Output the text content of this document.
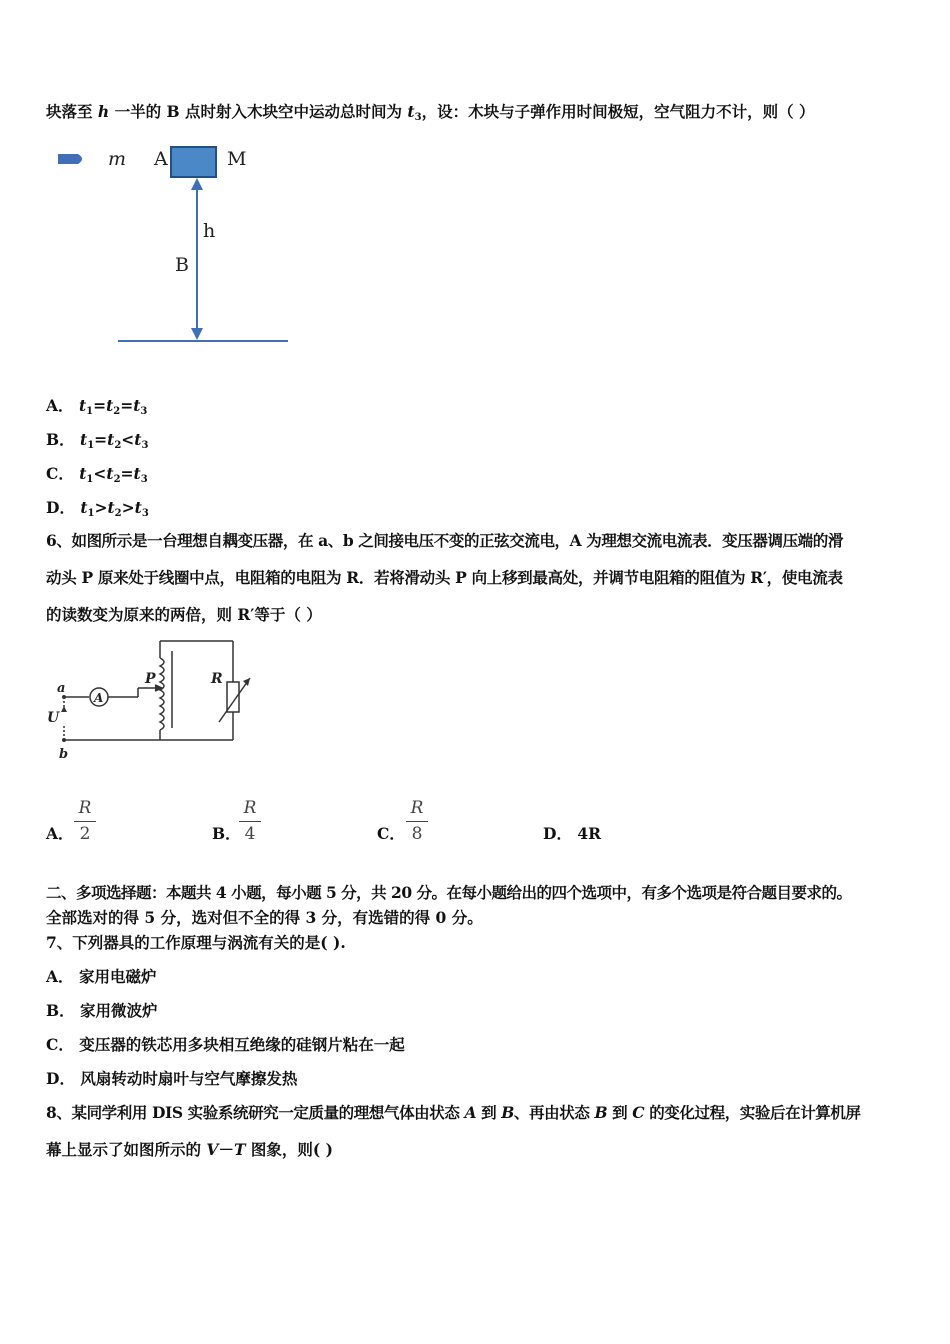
块落至 h 一半的 B 点时射入木块空中运动总时间为 $t_3$，设：木块与子弹作用时间极短，空气阻力不计，则（ ）
m A	M
h
B
A． $t_1=t_2=t_3$
B． $t_1=t_2<t_3$
C． $t_1<t_2=t_3$
D． $t_1>t_2>t_3$
6、如图所示是一台理想自耦变压器，在 a、b 之间接电压不变的正弦交流电，A 为理想交流电流表．变压器调压端的滑
动头 P 原来处于线圈中点，电阻箱的电阻为 R．若将滑动头 P 向上移到最高处，并调节电阻箱的阻值为 R′，使电流表
的读数变为原来的两倍，则 R′等于（ ）
a
A
P	R
U
b
A．
R
2	B．
R
4	C．
R
8	D． 4R
二、多项选择题：本题共 4 小题，每小题 5 分，共 20 分。在每小题给出的四个选项中，有多个选项是符合题目要求的。
全部选对的得 5 分，选对但不全的得 3 分，有选错的得 0 分。
7、下列器具的工作原理与涡流有关的是( ).
A． 家用电磁炉
B． 家用微波炉
C． 变压器的铁芯用多块相互绝缘的硅钢片粘在一起
D． 风扇转动时扇叶与空气摩擦发热
8、某同学利用 DIS 实验系统研究一定质量的理想气体由状态 A 到 B、再由状态 B 到 C 的变化过程，实验后在计算机屏
幕上显示了如图所示的 V－T 图象，则( )
